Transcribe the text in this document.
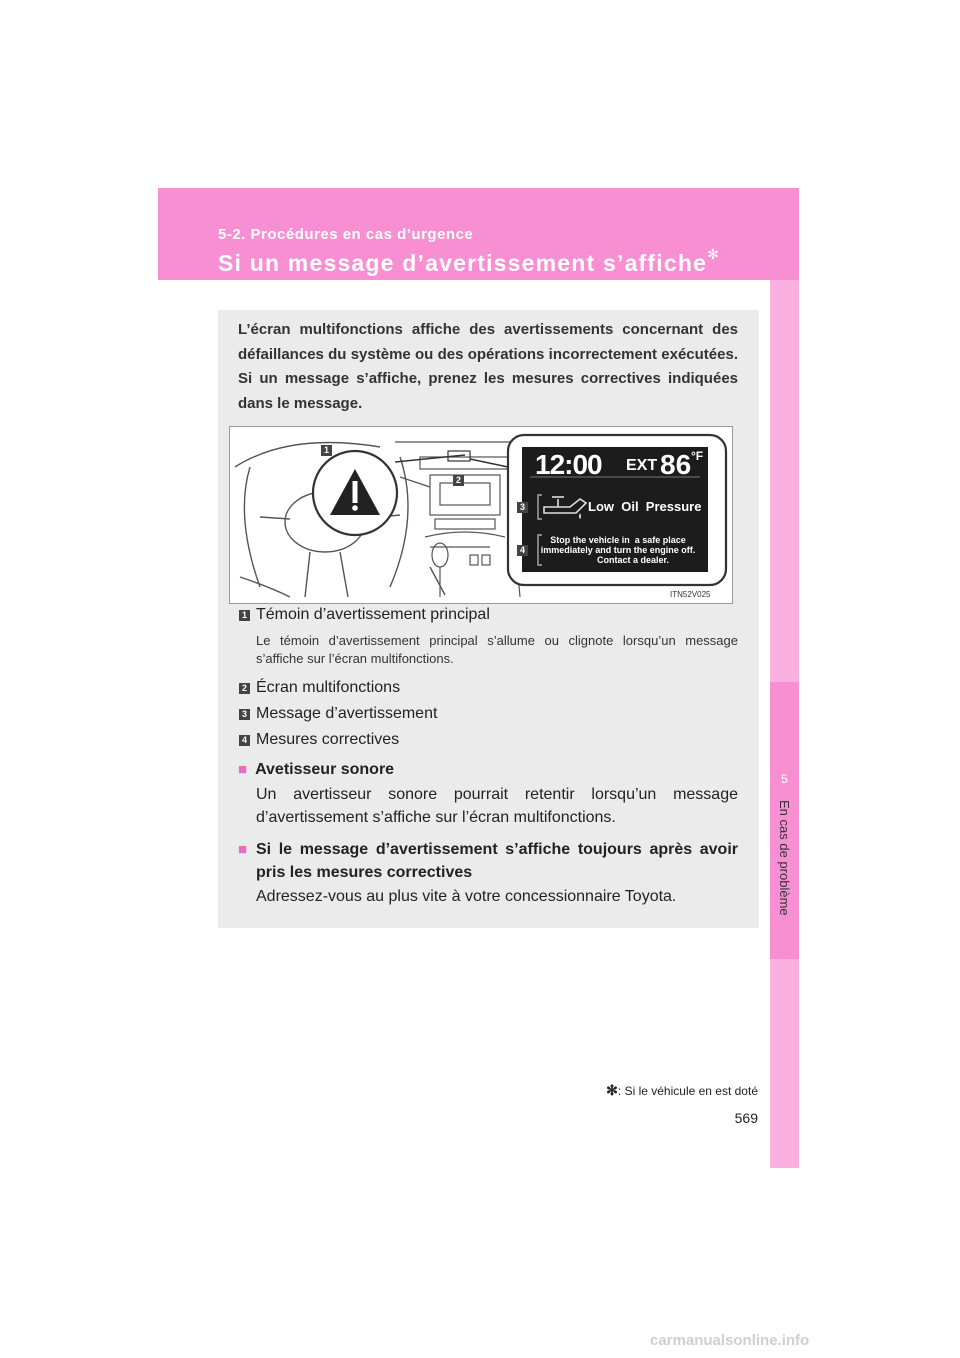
5-2. Procédures en cas d’urgence
Si un message d’avertissement s’affiche✻
5
En cas de problème
L’écran multifonctions affiche des avertissements concernant des défaillances du système ou des opérations incorrectement exécutées. Si un message s’affiche, prenez les mesures correctives indiquées dans le message.
12:00 EXT 86 °F
Low  Oil  Pressure
Stop the vehicle in  a safe place
immediately and turn the engine off.
Contact a dealer.
ITN52V025
1
2
3
4
1 Témoin d’avertissement principal
Le témoin d’avertissement principal s’allume ou clignote lorsqu’un message s’affiche sur l’écran multifonctions.
2 Écran multifonctions
3 Message d’avertissement
4 Mesures correctives
■ Avetisseur sonore
Un avertisseur sonore pourrait retentir lorsqu’un message d’avertissement s’affiche sur l’écran multifonctions.
■ Si le message d’avertissement s’affiche toujours après avoir pris les mesures correctives
Adressez-vous au plus vite à votre concessionnaire Toyota.
✻: Si le véhicule en est doté
569
carmanualsonline.info
